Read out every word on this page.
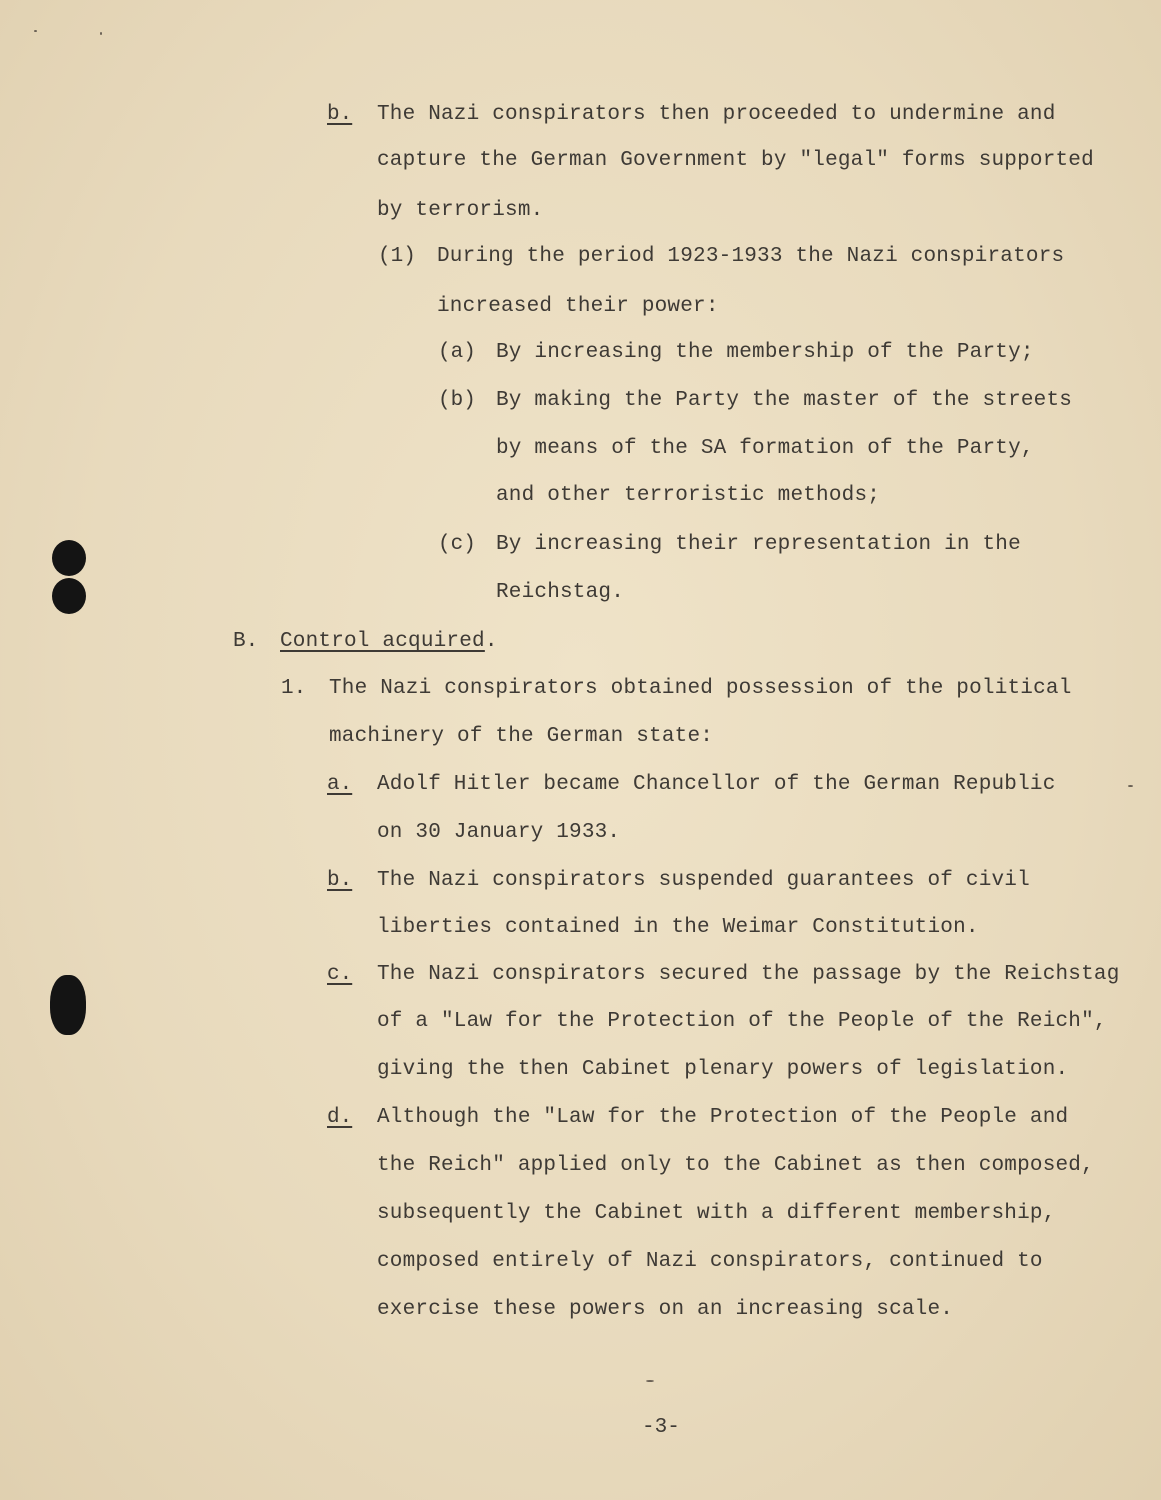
b. The Nazi conspirators then proceeded to undermine and
capture the German Government by "legal" forms supported
by terrorism.
(1) During the period 1923-1933 the Nazi conspirators
increased their power:
(a) By increasing the membership of the Party;
(b) By making the Party the master of the streets
by means of the SA formation of the Party,
and other terroristic methods;
(c) By increasing their representation in the
Reichstag.
B. Control acquired.
1. The Nazi conspirators obtained possession of the political
machinery of the German state:
a. Adolf Hitler became Chancellor of the German Republic
on 30 January 1933.
b. The Nazi conspirators suspended guarantees of civil
liberties contained in the Weimar Constitution.
c. The Nazi conspirators secured the passage by the Reichstag
of a "Law for the Protection of the People of the Reich",
giving the then Cabinet plenary powers of legislation.
d. Although the "Law for the Protection of the People and
the Reich" applied only to the Cabinet as then composed,
subsequently the Cabinet with a different membership,
composed entirely of Nazi conspirators, continued to
exercise these powers on an increasing scale.
-3-
